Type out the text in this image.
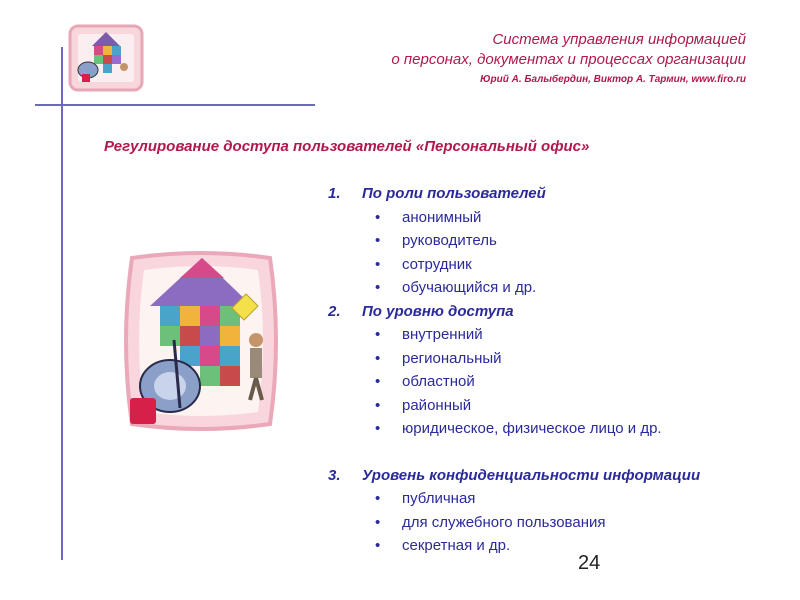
Система управления информацией
о персонах, документах и процессах организации
Юрий А. Балыбердин, Виктор А. Тармин, www.firo.ru
Регулирование доступа пользователей «Персональный офис»
1. По роли пользователей
• анонимный
• руководитель
• сотрудник
• обучающийся и др.
2. По уровню доступа
• внутренний
• региональный
• областной
• районный
• юридическое, физическое лицо и др.
3. Уровень конфиденциальности информации
• публичная
• для служебного пользования
• секретная и др.
24
